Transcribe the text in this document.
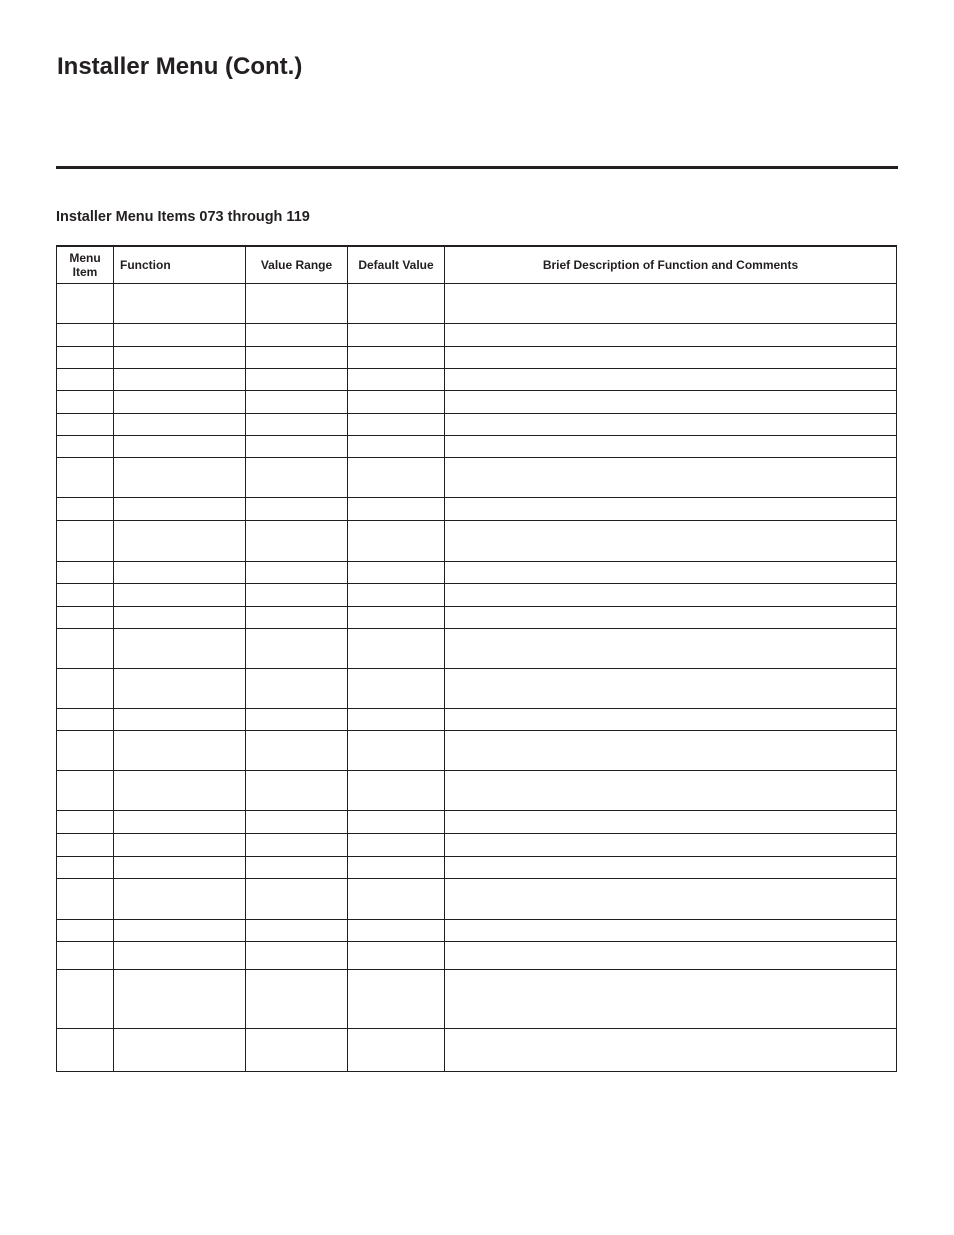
Installer Menu (Cont.)
Installer Menu Items 073 through 119
Menu Item	Function	Value Range	Default Value	Brief Description of Function and Comments
